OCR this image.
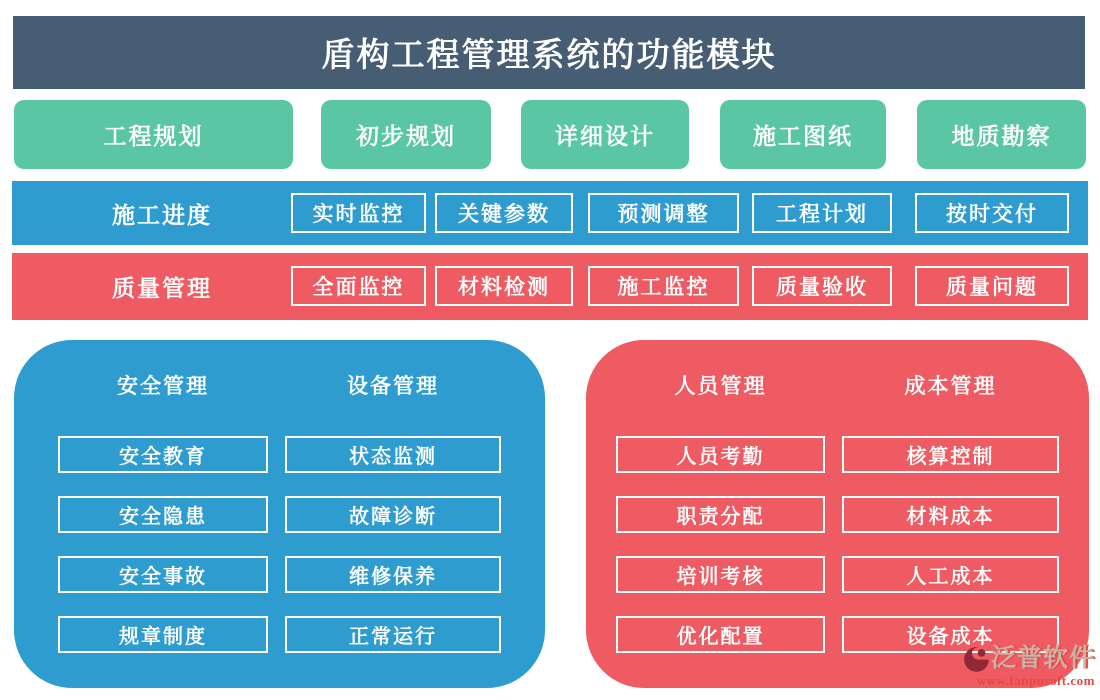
盾构工程管理系统的功能模块
工程规划	初步规划	详细设计	施工图纸	地质勘察
施工进度	实时监控	关键参数	预测调整	工程计划	按时交付
质量管理	全面监控	材料检测	施工监控	质量验收	质量问题
安全管理
安全教育
安全隐患
安全事故
规章制度
设备管理
状态监测
故障诊断
维修保养
正常运行
人员管理
人员考勤
职责分配
培训考核
优化配置
成本管理
核算控制
材料成本
人工成本
设备成本
泛普软件
www.fanpusoft.com
